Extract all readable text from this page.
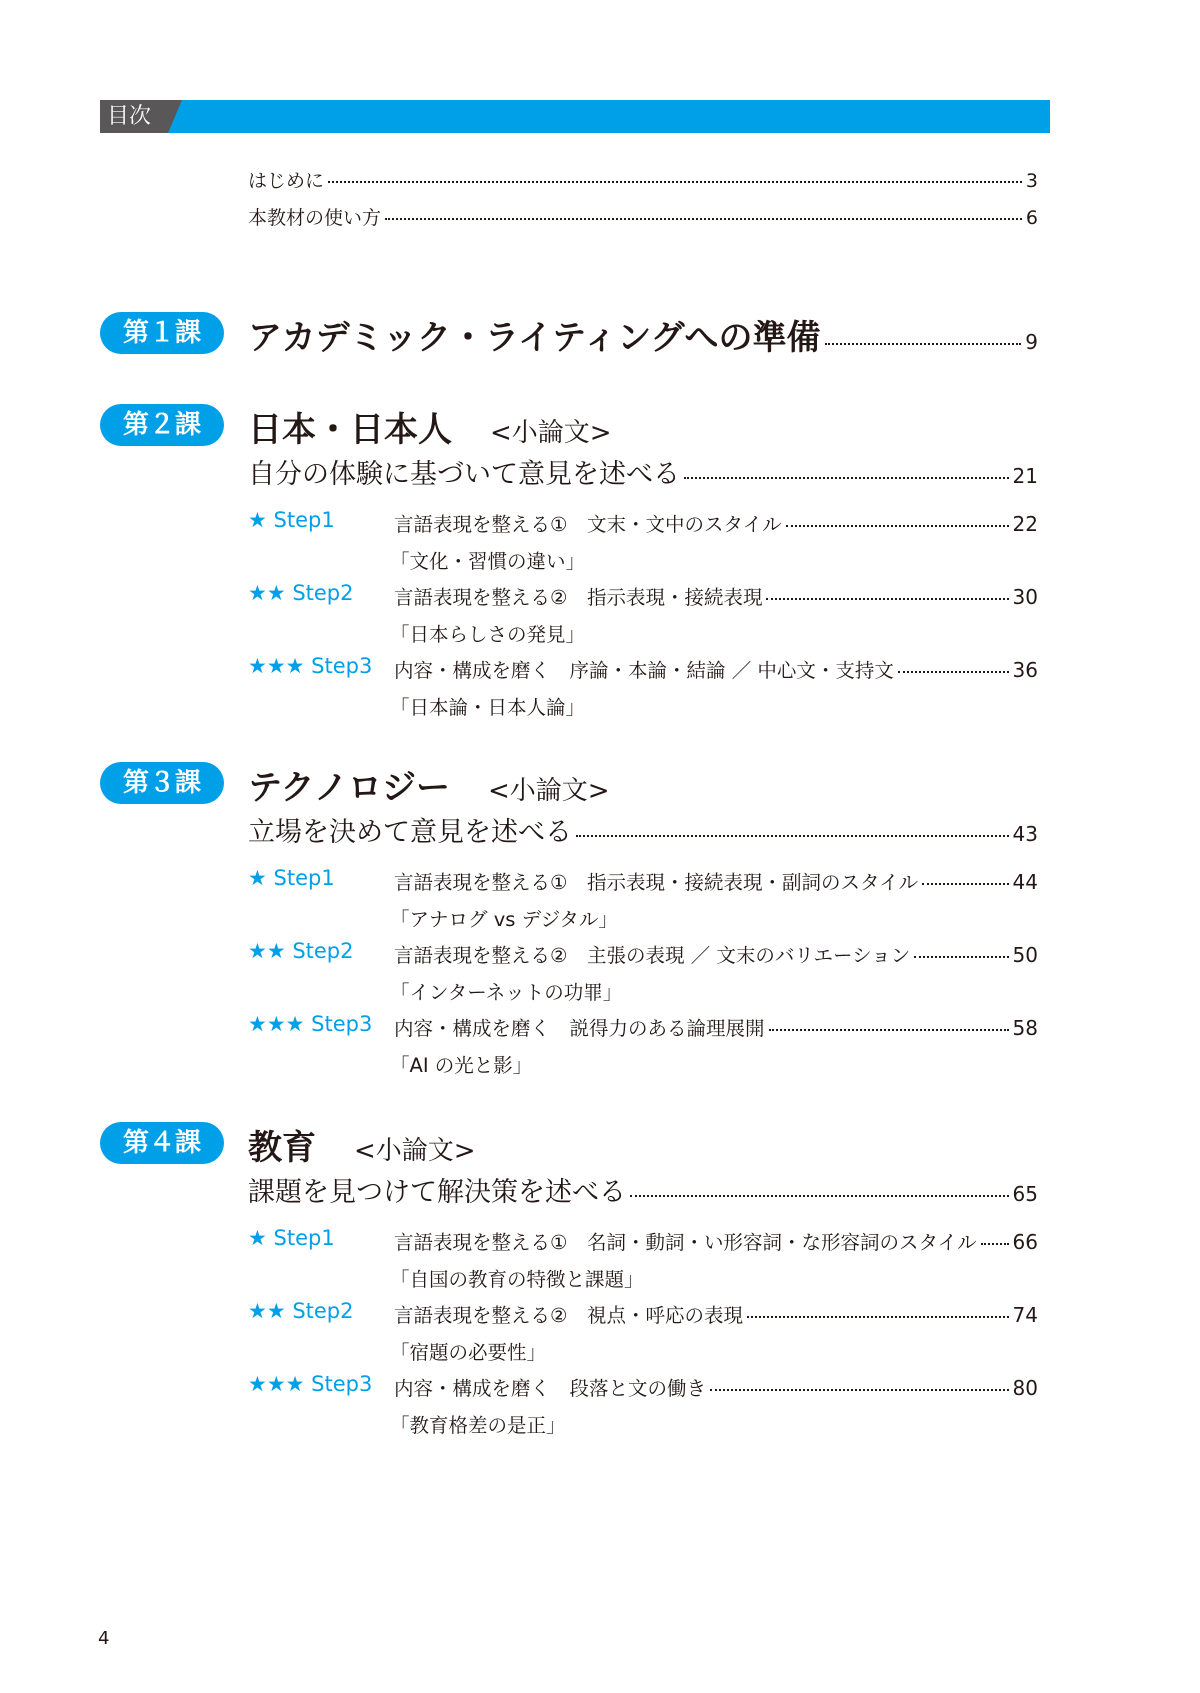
目次
はじめに	3
本教材の使い方	6
第１課	アカデミック・ライティングへの準備	9
第２課	日本・日本人 <小論文>
自分の体験に基づいて意見を述べる	21
★ Step1	言語表現を整える①　文末・文中のスタイル	22
「文化・習慣の違い」
★★ Step2 言語表現を整える②　指示表現・接続表現	30
「日本らしさの発見」
★★★ Step3 内容・構成を磨く　序論・本論・結論 ／ 中心文・支持文	36
「日本論・日本人論」
第３課	テクノロジー <小論文>
立場を決めて意見を述べる	43
★ Step1	言語表現を整える①　指示表現・接続表現・副詞のスタイル	44
「アナログ vs デジタル」
★★ Step2 言語表現を整える②　主張の表現 ／ 文末のバリエーション	50
「インターネットの功罪」
★★★ Step3 内容・構成を磨く　説得力のある論理展開	58
「AI の光と影」
第４課	教育 <小論文>
課題を見つけて解決策を述べる	65
★ Step1	言語表現を整える①　名詞・動詞・い形容詞・な形容詞のスタイル 66
「自国の教育の特徴と課題」
★★ Step2 言語表現を整える②　視点・呼応の表現	74
「宿題の必要性」
★★★ Step3 内容・構成を磨く　段落と文の働き	80
「教育格差の是正」
4
